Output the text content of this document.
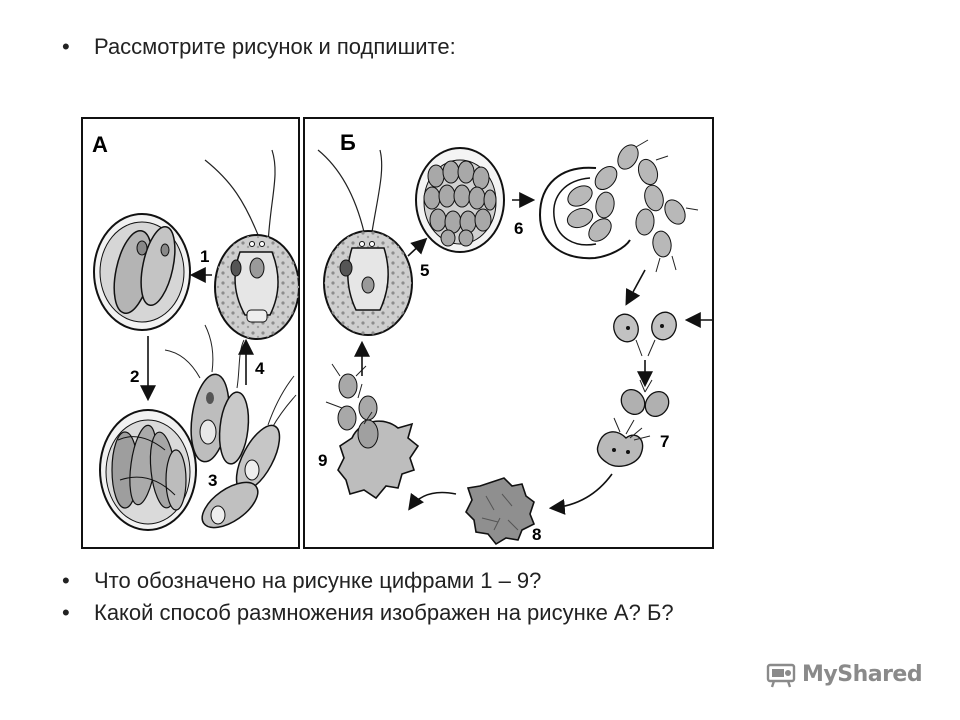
• Рассмотрите рисунок и подпишите:
А	Б
1
2
3
4
5
6
7
8
9
• Что обозначено на рисунке цифрами 1 – 9?
• Какой способ размножения изображен на рисунке А? Б?
MyShared
